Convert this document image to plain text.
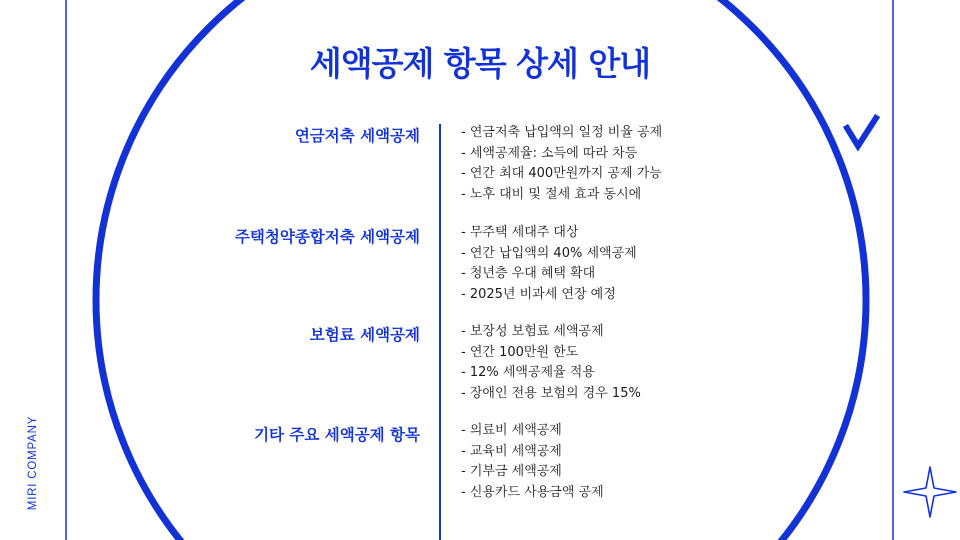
MIRI COMPANY
세액공제 항목 상세 안내
연금저축 세액공제	- 연금저축 납입액의 일정 비율 공제
- 세액공제율: 소득에 따라 차등
- 연간 최대 400만원까지 공제 가능
- 노후 대비 및 절세 효과 동시에
주택청약종합저축 세액공제	- 무주택 세대주 대상
- 연간 납입액의 40% 세액공제
- 청년층 우대 혜택 확대
- 2025년 비과세 연장 예정
보험료 세액공제	- 보장성 보험료 세액공제
- 연간 100만원 한도
- 12% 세액공제율 적용
- 장애인 전용 보험의 경우 15%
기타 주요 세액공제 항목	- 의료비 세액공제
- 교육비 세액공제
- 기부금 세액공제
- 신용카드 사용금액 공제
